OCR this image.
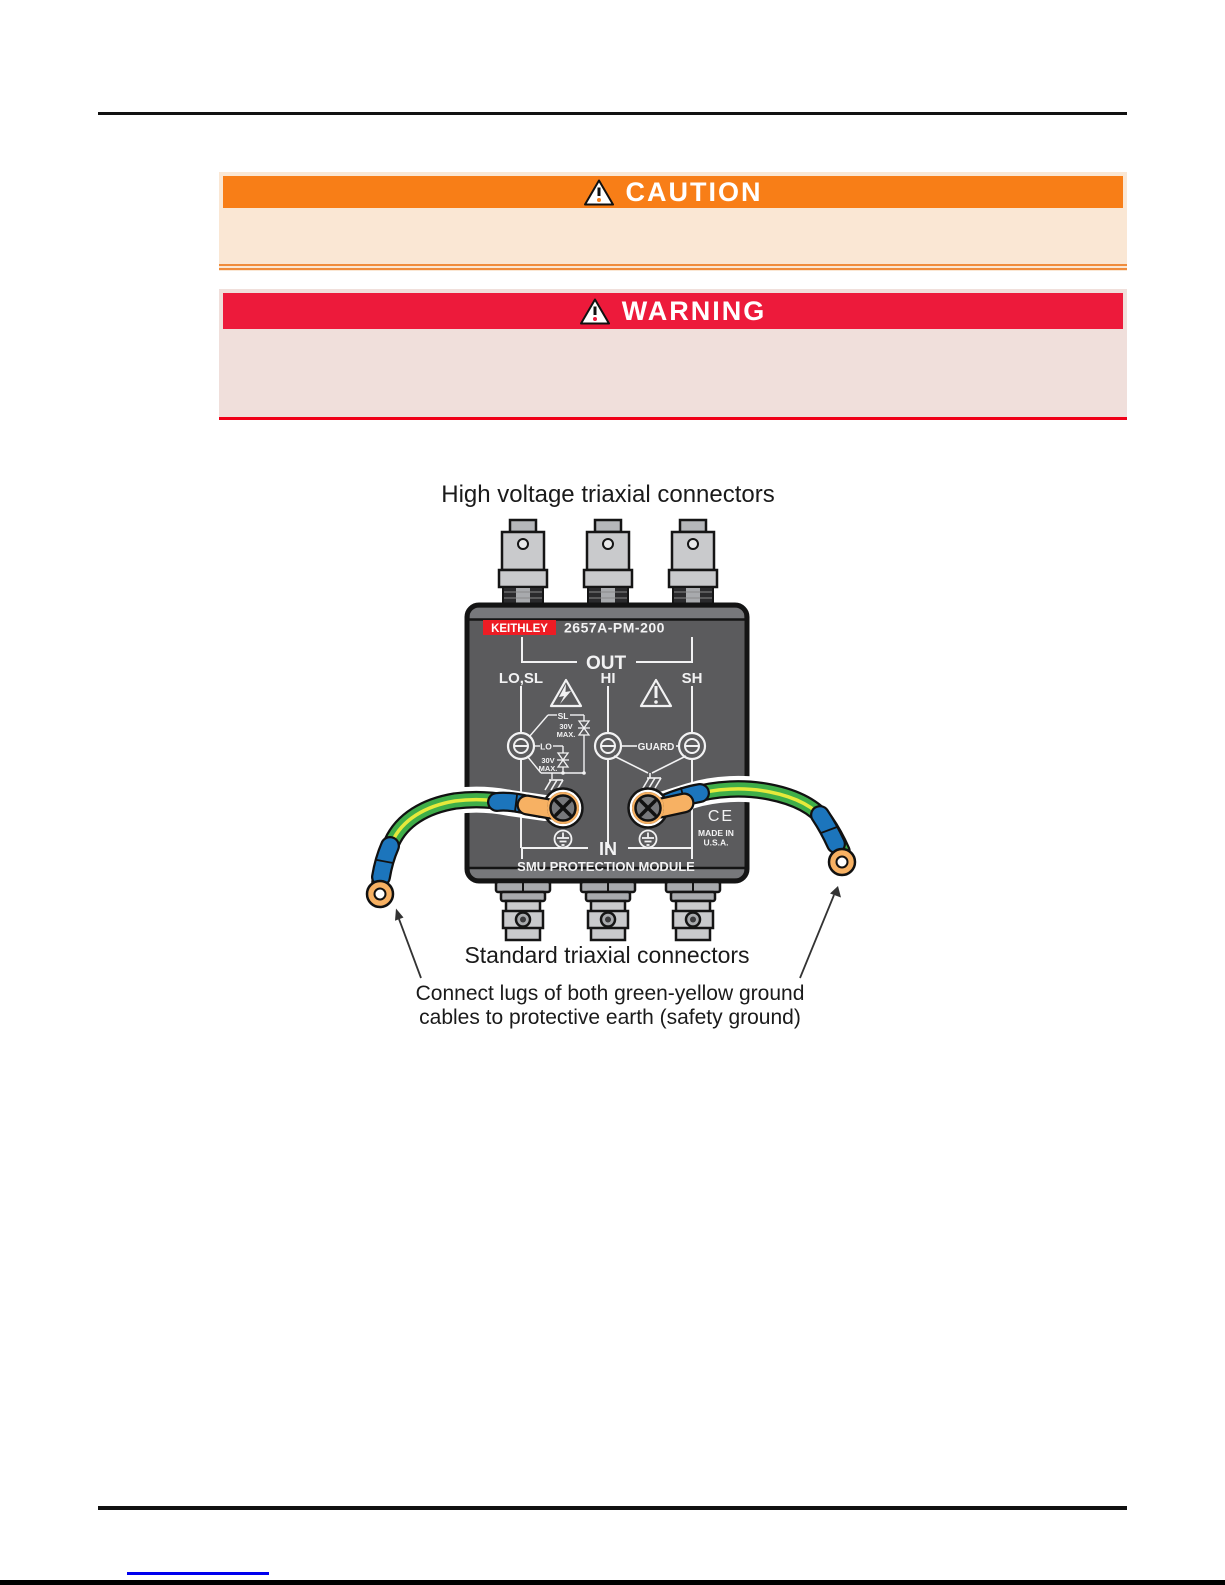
CAUTION
WARNING
High voltage triaxial connectors
KEITHLEY 2657A-PM-200
OUT
LO,SL	HI	SH
SL
LO
30V
MAX.
30V
MAX.
GUARD
IN
SMU PROTECTION MODULE
CE
MADE IN
U.S.A.
Standard triaxial connectors
Connect lugs of both green-yellow ground
cables to protective earth (safety ground)
